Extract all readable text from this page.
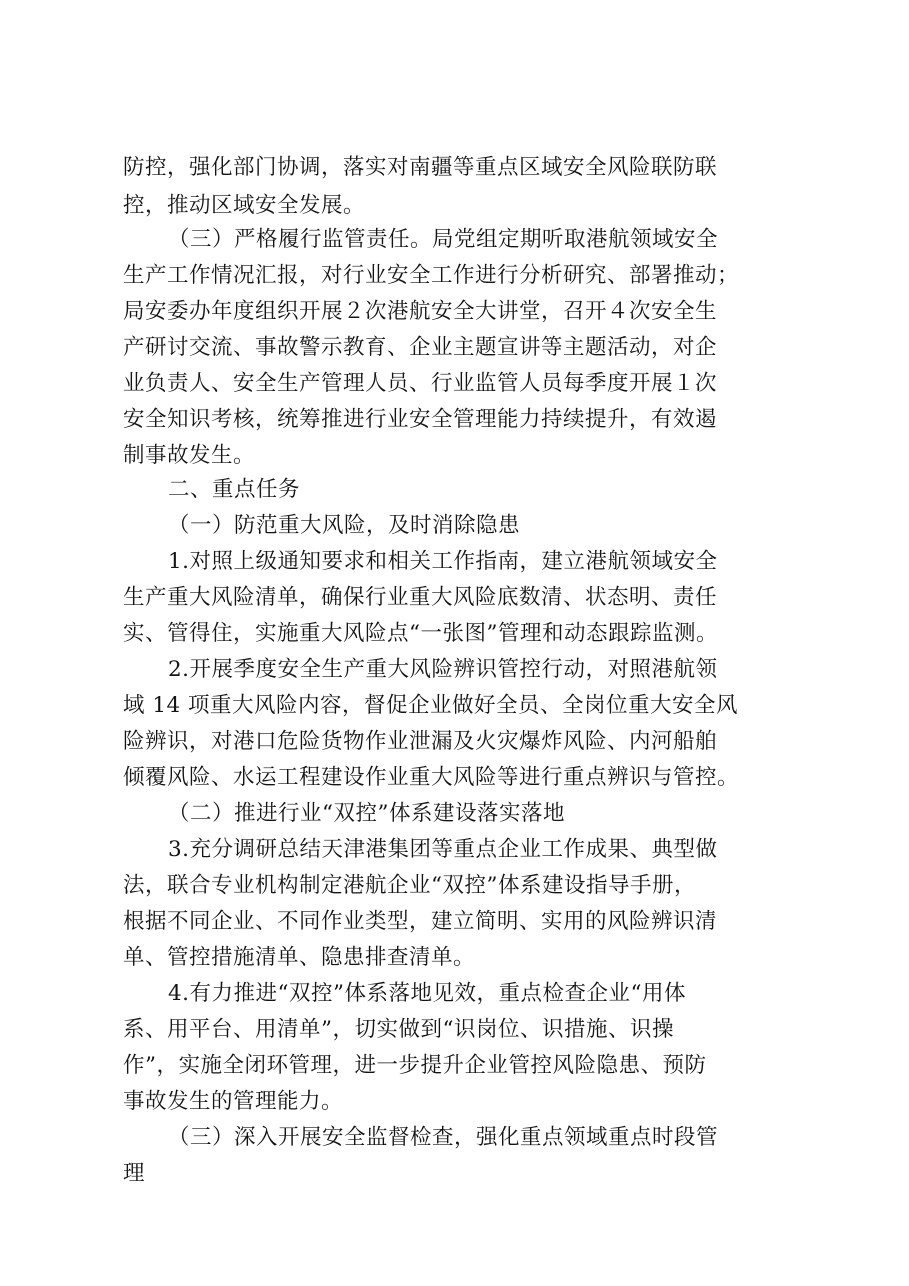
防控，强化部门协调，落实对南疆等重点区域安全风险联防联
控，推动区域安全发展。
（三）严格履行监管责任。局党组定期听取港航领域安全
生产工作情况汇报，对行业安全工作进行分析研究、部署推动；
局安委办年度组织开展２次港航安全大讲堂，召开４次安全生
产研讨交流、事故警示教育、企业主题宣讲等主题活动，对企
业负责人、安全生产管理人员、行业监管人员每季度开展１次
安全知识考核，统筹推进行业安全管理能力持续提升，有效遏
制事故发生。
二、重点任务
（一）防范重大风险，及时消除隐患
1.对照上级通知要求和相关工作指南，建立港航领域安全
生产重大风险清单，确保行业重大风险底数清、状态明、责任
实、管得住，实施重大风险点“一张图”管理和动态跟踪监测。
2.开展季度安全生产重大风险辨识管控行动，对照港航领
域 14 项重大风险内容，督促企业做好全员、全岗位重大安全风
险辨识，对港口危险货物作业泄漏及火灾爆炸风险、内河船舶
倾覆风险、水运工程建设作业重大风险等进行重点辨识与管控。
（二）推进行业“双控”体系建设落实落地
3.充分调研总结天津港集团等重点企业工作成果、典型做
法，联合专业机构制定港航企业“双控”体系建设指导手册，
根据不同企业、不同作业类型，建立简明、实用的风险辨识清
单、管控措施清单、隐患排查清单。
4.有力推进“双控”体系落地见效，重点检查企业“用体
系、用平台、用清单”，切实做到“识岗位、识措施、识操
作”，实施全闭环管理，进一步提升企业管控风险隐患、预防
事故发生的管理能力。
（三）深入开展安全监督检查，强化重点领域重点时段管
理
